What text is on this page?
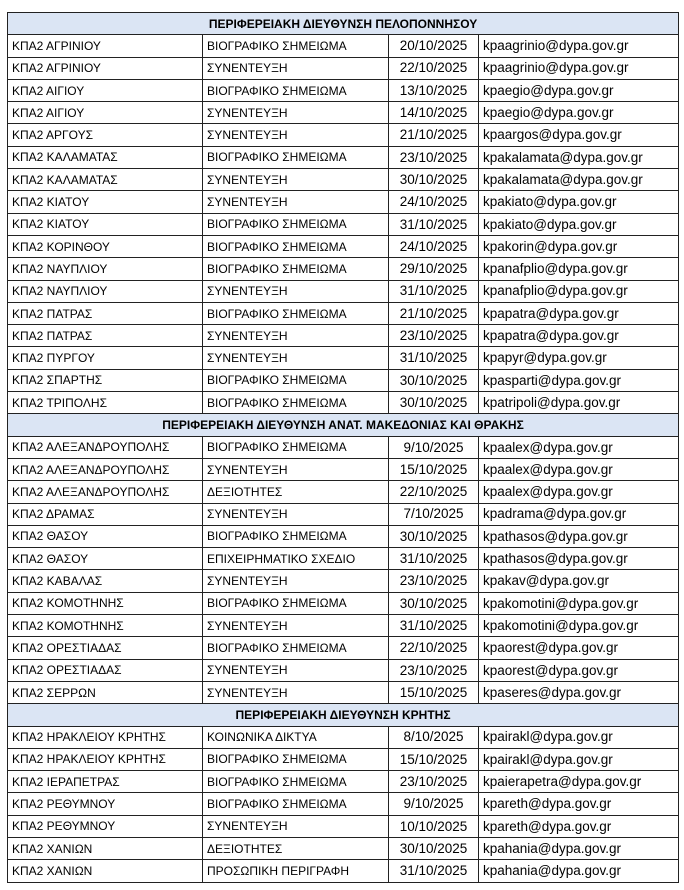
ΠΕΡΙΦΕΡΕΙΑΚΗ ΔΙΕΥΘΥΝΣΗ ΠΕΛΟΠΟΝΝΗΣΟΥ			
ΚΠΑ2 ΑΓΡΙΝΙΟΥ	ΒΙΟΓΡΑΦΙΚΟ ΣΗΜΕΙΩΜΑ	20/10/2025	kpaagrinio@dypa.gov.gr
ΚΠΑ2 ΑΓΡΙΝΙΟΥ	ΣΥΝΕΝΤΕΥΞΗ	22/10/2025	kpaagrinio@dypa.gov.gr
ΚΠΑ2 ΑΙΓΙΟΥ	ΒΙΟΓΡΑΦΙΚΟ ΣΗΜΕΙΩΜΑ	13/10/2025	kpaegio@dypa.gov.gr
ΚΠΑ2 ΑΙΓΙΟΥ	ΣΥΝΕΝΤΕΥΞΗ	14/10/2025	kpaegio@dypa.gov.gr
ΚΠΑ2 ΑΡΓΟΥΣ	ΣΥΝΕΝΤΕΥΞΗ	21/10/2025	kpaargos@dypa.gov.gr
ΚΠΑ2 ΚΑΛΑΜΑΤΑΣ	ΒΙΟΓΡΑΦΙΚΟ ΣΗΜΕΙΩΜΑ	23/10/2025	kpakalamata@dypa.gov.gr
ΚΠΑ2 ΚΑΛΑΜΑΤΑΣ	ΣΥΝΕΝΤΕΥΞΗ	30/10/2025	kpakalamata@dypa.gov.gr
ΚΠΑ2 ΚΙΑΤΟΥ	ΣΥΝΕΝΤΕΥΞΗ	24/10/2025	kpakiato@dypa.gov.gr
ΚΠΑ2 ΚΙΑΤΟΥ	ΒΙΟΓΡΑΦΙΚΟ ΣΗΜΕΙΩΜΑ	31/10/2025	kpakiato@dypa.gov.gr
ΚΠΑ2 ΚΟΡΙΝΘΟΥ	ΒΙΟΓΡΑΦΙΚΟ ΣΗΜΕΙΩΜΑ	24/10/2025	kpakorin@dypa.gov.gr
ΚΠΑ2 ΝΑΥΠΛΙΟΥ	ΒΙΟΓΡΑΦΙΚΟ ΣΗΜΕΙΩΜΑ	29/10/2025	kpanafplio@dypa.gov.gr
ΚΠΑ2 ΝΑΥΠΛΙΟΥ	ΣΥΝΕΝΤΕΥΞΗ	31/10/2025	kpanafplio@dypa.gov.gr
ΚΠΑ2 ΠΑΤΡΑΣ	ΒΙΟΓΡΑΦΙΚΟ ΣΗΜΕΙΩΜΑ	21/10/2025	kpapatra@dypa.gov.gr
ΚΠΑ2 ΠΑΤΡΑΣ	ΣΥΝΕΝΤΕΥΞΗ	23/10/2025	kpapatra@dypa.gov.gr
ΚΠΑ2 ΠΥΡΓΟΥ	ΣΥΝΕΝΤΕΥΞΗ	31/10/2025	kpapyr@dypa.gov.gr
ΚΠΑ2 ΣΠΑΡΤΗΣ	ΒΙΟΓΡΑΦΙΚΟ ΣΗΜΕΙΩΜΑ	30/10/2025	kpasparti@dypa.gov.gr
ΚΠΑ2 ΤΡΙΠΟΛΗΣ	ΒΙΟΓΡΑΦΙΚΟ ΣΗΜΕΙΩΜΑ	30/10/2025	kpatripoli@dypa.gov.gr
ΠΕΡΙΦΕΡΕΙΑΚΗ ΔΙΕΥΘΥΝΣΗ ΑΝΑΤ. ΜΑΚΕΔΟΝΙΑΣ ΚΑΙ ΘΡΑΚΗΣ			
ΚΠΑ2 ΑΛΕΞΑΝΔΡΟΥΠΟΛΗΣ	ΒΙΟΓΡΑΦΙΚΟ ΣΗΜΕΙΩΜΑ	9/10/2025	kpaalex@dypa.gov.gr
ΚΠΑ2 ΑΛΕΞΑΝΔΡΟΥΠΟΛΗΣ	ΣΥΝΕΝΤΕΥΞΗ	15/10/2025	kpaalex@dypa.gov.gr
ΚΠΑ2 ΑΛΕΞΑΝΔΡΟΥΠΟΛΗΣ	ΔΕΞΙΟΤΗΤΕΣ	22/10/2025	kpaalex@dypa.gov.gr
ΚΠΑ2 ΔΡΑΜΑΣ	ΣΥΝΕΝΤΕΥΞΗ	7/10/2025	kpadrama@dypa.gov.gr
ΚΠΑ2 ΘΑΣΟΥ	ΒΙΟΓΡΑΦΙΚΟ ΣΗΜΕΙΩΜΑ	30/10/2025	kpathasos@dypa.gov.gr
ΚΠΑ2 ΘΑΣΟΥ	ΕΠΙΧΕΙΡΗΜΑΤΙΚΟ ΣΧΕΔΙΟ	31/10/2025	kpathasos@dypa.gov.gr
ΚΠΑ2 ΚΑΒΑΛΑΣ	ΣΥΝΕΝΤΕΥΞΗ	23/10/2025	kpakav@dypa.gov.gr
ΚΠΑ2 ΚΟΜΟΤΗΝΗΣ	ΒΙΟΓΡΑΦΙΚΟ ΣΗΜΕΙΩΜΑ	30/10/2025	kpakomotini@dypa.gov.gr
ΚΠΑ2 ΚΟΜΟΤΗΝΗΣ	ΣΥΝΕΝΤΕΥΞΗ	31/10/2025	kpakomotini@dypa.gov.gr
ΚΠΑ2 ΟΡΕΣΤΙΑΔΑΣ	ΒΙΟΓΡΑΦΙΚΟ ΣΗΜΕΙΩΜΑ	22/10/2025	kpaorest@dypa.gov.gr
ΚΠΑ2 ΟΡΕΣΤΙΑΔΑΣ	ΣΥΝΕΝΤΕΥΞΗ	23/10/2025	kpaorest@dypa.gov.gr
ΚΠΑ2 ΣΕΡΡΩΝ	ΣΥΝΕΝΤΕΥΞΗ	15/10/2025	kpaseres@dypa.gov.gr
ΠΕΡΙΦΕΡΕΙΑΚΗ ΔΙΕΥΘΥΝΣΗ ΚΡΗΤΗΣ			
ΚΠΑ2 ΗΡΑΚΛΕΙΟΥ ΚΡΗΤΗΣ	ΚΟΙΝΩΝΙΚΑ ΔΙΚΤΥΑ	8/10/2025	kpairakl@dypa.gov.gr
ΚΠΑ2 ΗΡΑΚΛΕΙΟΥ ΚΡΗΤΗΣ	ΒΙΟΓΡΑΦΙΚΟ ΣΗΜΕΙΩΜΑ	15/10/2025	kpairakl@dypa.gov.gr
ΚΠΑ2 ΙΕΡΑΠΕΤΡΑΣ	ΒΙΟΓΡΑΦΙΚΟ ΣΗΜΕΙΩΜΑ	23/10/2025	kpaierapetra@dypa.gov.gr
ΚΠΑ2 ΡΕΘΥΜΝΟΥ	ΒΙΟΓΡΑΦΙΚΟ ΣΗΜΕΙΩΜΑ	9/10/2025	kpareth@dypa.gov.gr
ΚΠΑ2 ΡΕΘΥΜΝΟΥ	ΣΥΝΕΝΤΕΥΞΗ	10/10/2025	kpareth@dypa.gov.gr
ΚΠΑ2 ΧΑΝΙΩΝ	ΔΕΞΙΟΤΗΤΕΣ	30/10/2025	kpahania@dypa.gov.gr
ΚΠΑ2 ΧΑΝΙΩΝ	ΠΡΟΣΩΠΙΚΗ ΠΕΡΙΓΡΑΦΗ	31/10/2025	kpahania@dypa.gov.gr
